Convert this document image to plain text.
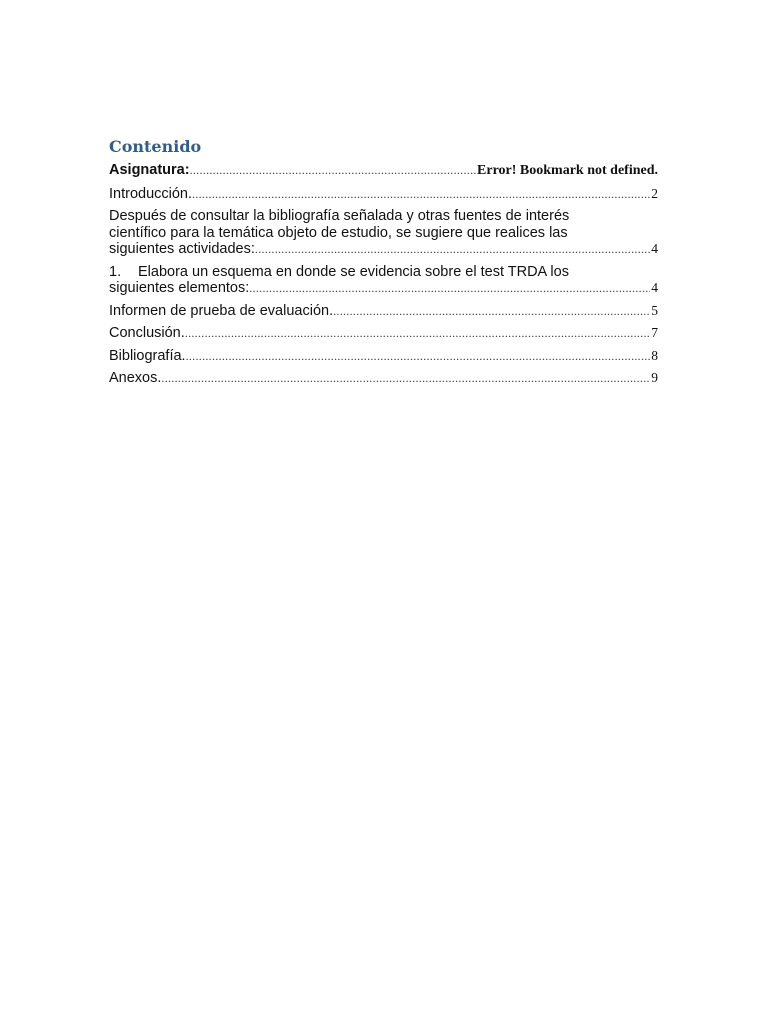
Contenido
Asignatura: .....	Error! Bookmark not defined.
Introducción. .....	2
Después de consultar la bibliografía señalada y otras fuentes de interés
científico para la temática objeto de estudio, se sugiere que realices las
siguientes actividades: .....	4
1. Elabora un esquema en donde se evidencia sobre el test TRDA los
siguientes elementos: .....	4
Informen de prueba de evaluación. .....	5
Conclusión. .....	7
Bibliografía. .....	8
Anexos. .....	9
